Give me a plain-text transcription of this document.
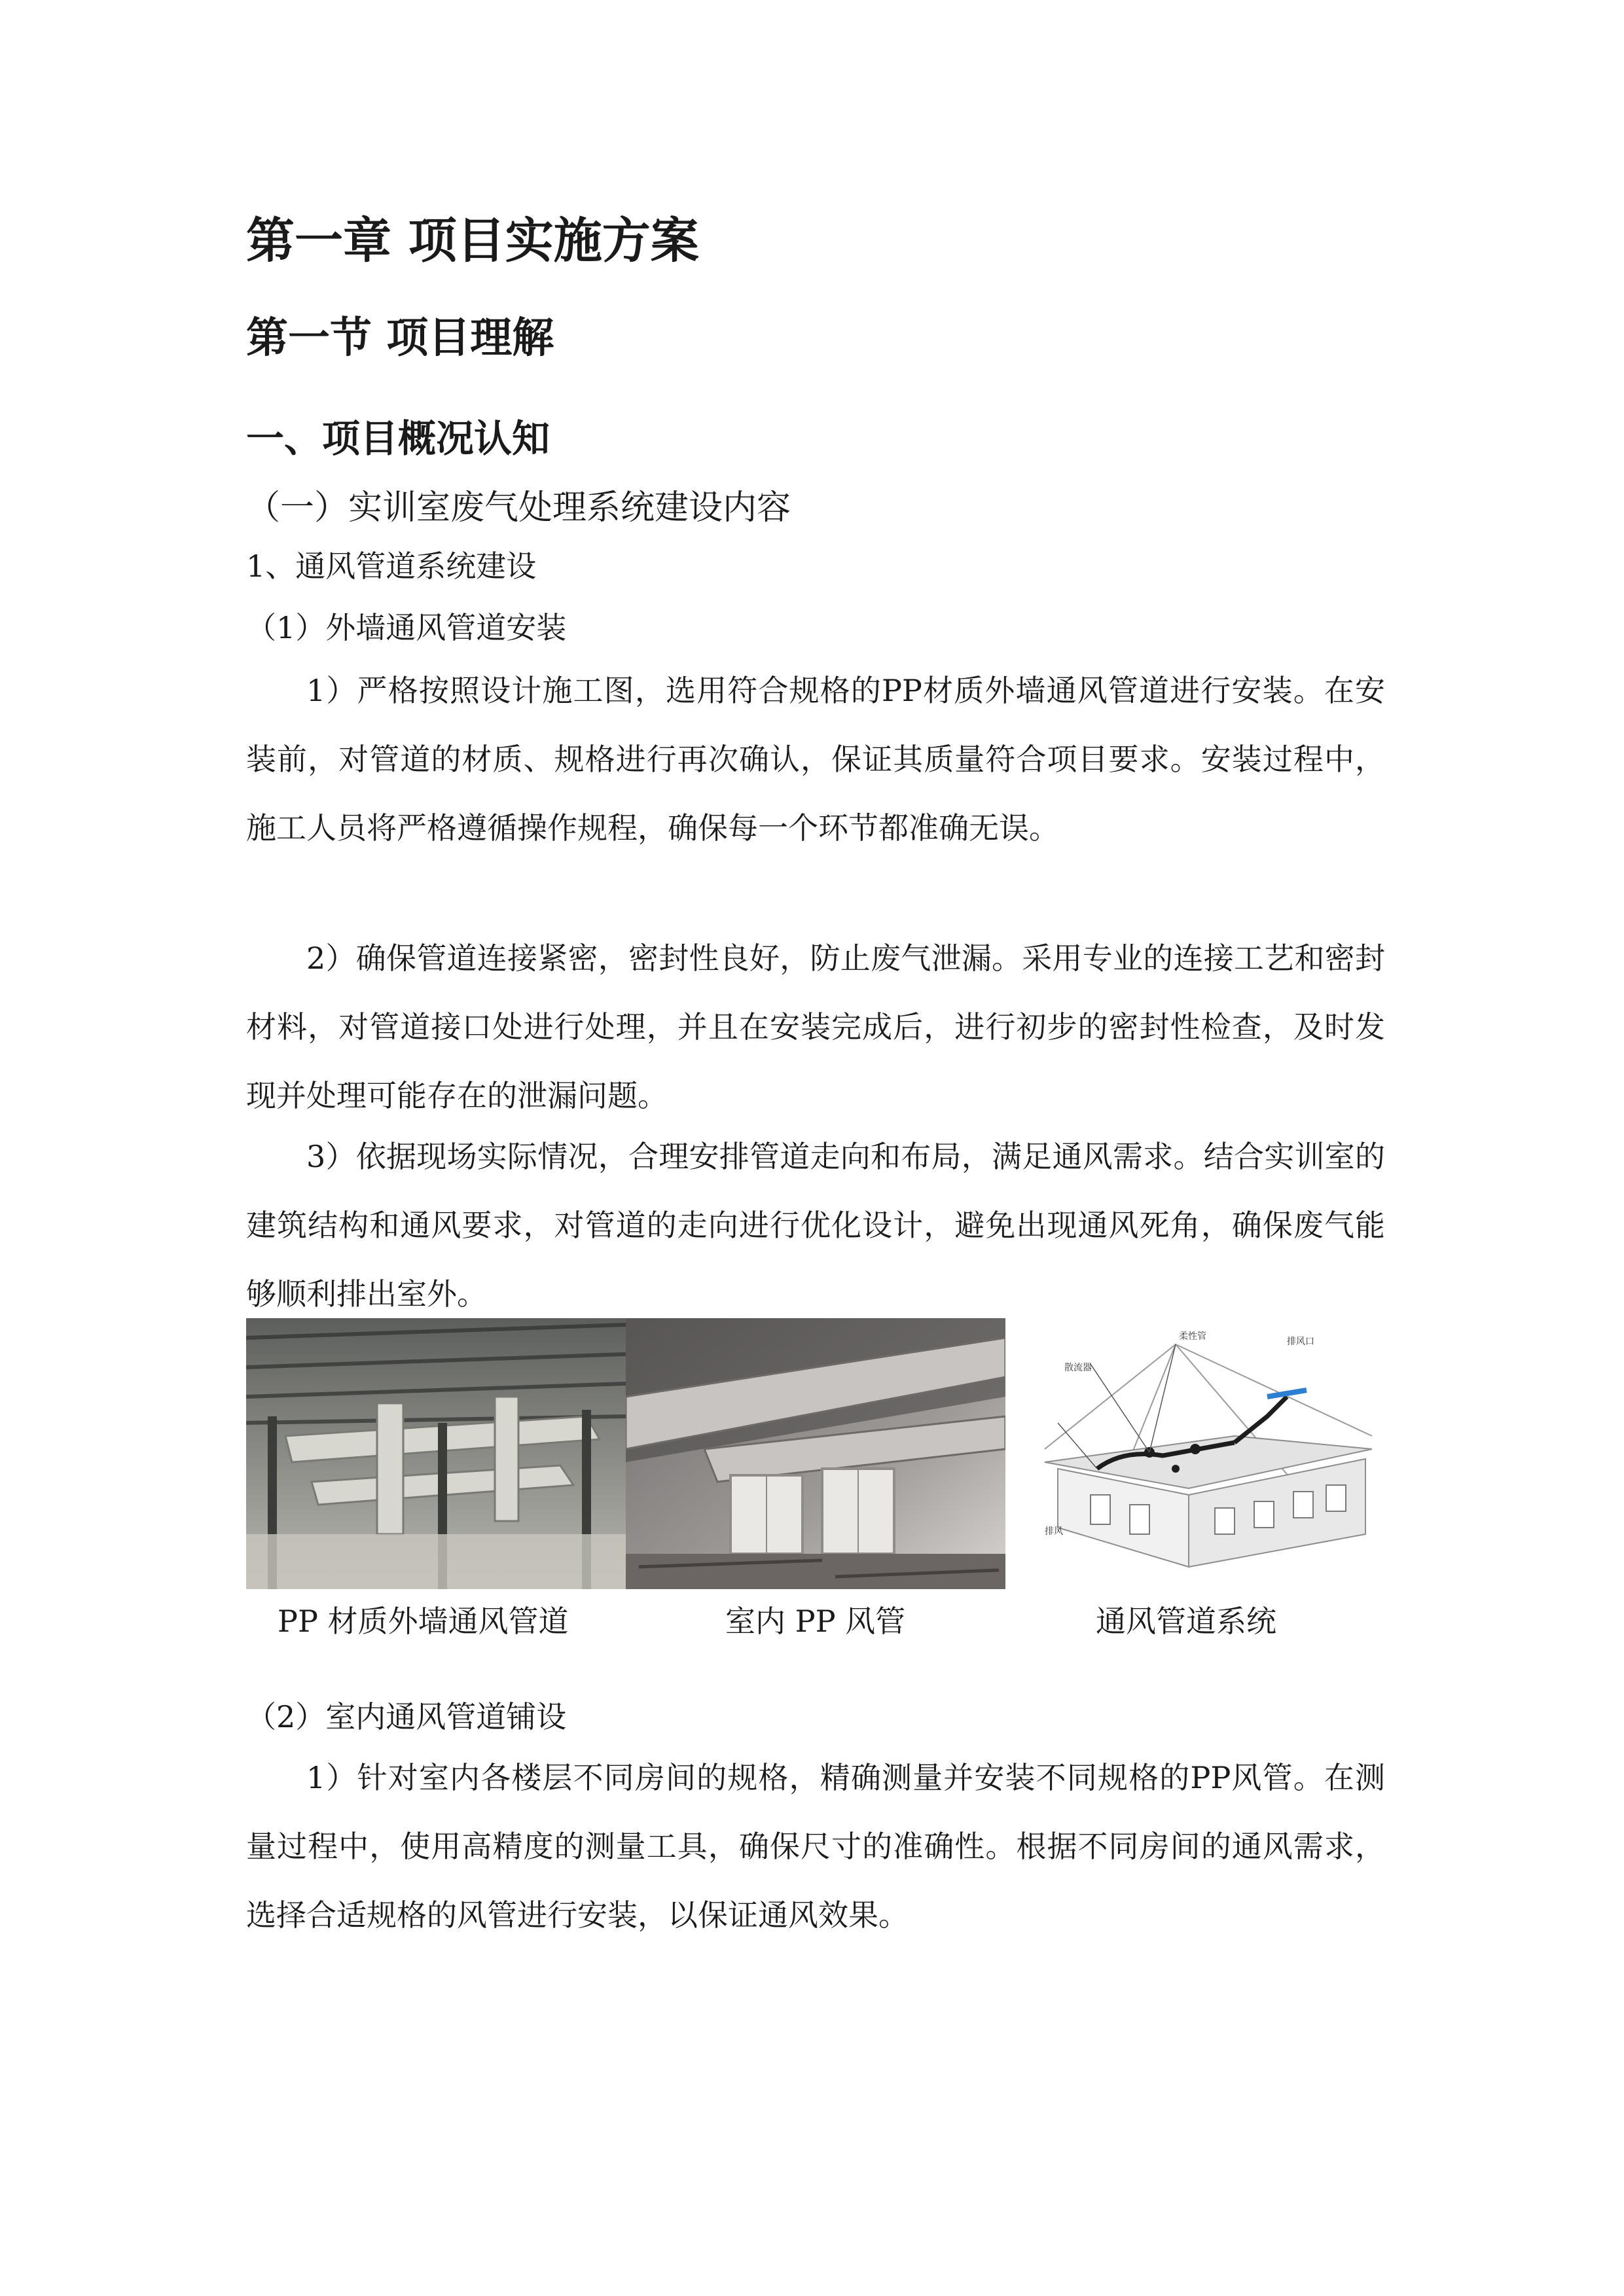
第一章 项目实施方案
第一节 项目理解
一、项目概况认知
（一）实训室废气处理系统建设内容
1、通风管道系统建设
（1）外墙通风管道安装

1）严格按照设计施工图，选用符合规格的PP材质外墙通风管道进行安装。在安装前，对管道的材质、规格进行再次确认，保证其质量符合项目要求。安装过程中，施工人员将严格遵循操作规程，确保每一个环节都准确无误。

2）确保管道连接紧密，密封性良好，防止废气泄漏。采用专业的连接工艺和密封材料，对管道接口处进行处理，并且在安装完成后，进行初步的密封性检查，及时发现并处理可能存在的泄漏问题。

3）依据现场实际情况，合理安排管道走向和布局，满足通风需求。结合实训室的建筑结构和通风要求，对管道的走向进行优化设计，避免出现通风死角，确保废气能够顺利排出室外。

柔性管	排风口
散流器
排风
PP 材质外墙通风管道	室内 PP 风管	通风管道系统
（2）室内通风管道铺设

1）针对室内各楼层不同房间的规格，精确测量并安装不同规格的PP风管。在测量过程中，使用高精度的测量工具，确保尺寸的准确性。根据不同房间的通风需求，选择合适规格的风管进行安装，以保证通风效果。
